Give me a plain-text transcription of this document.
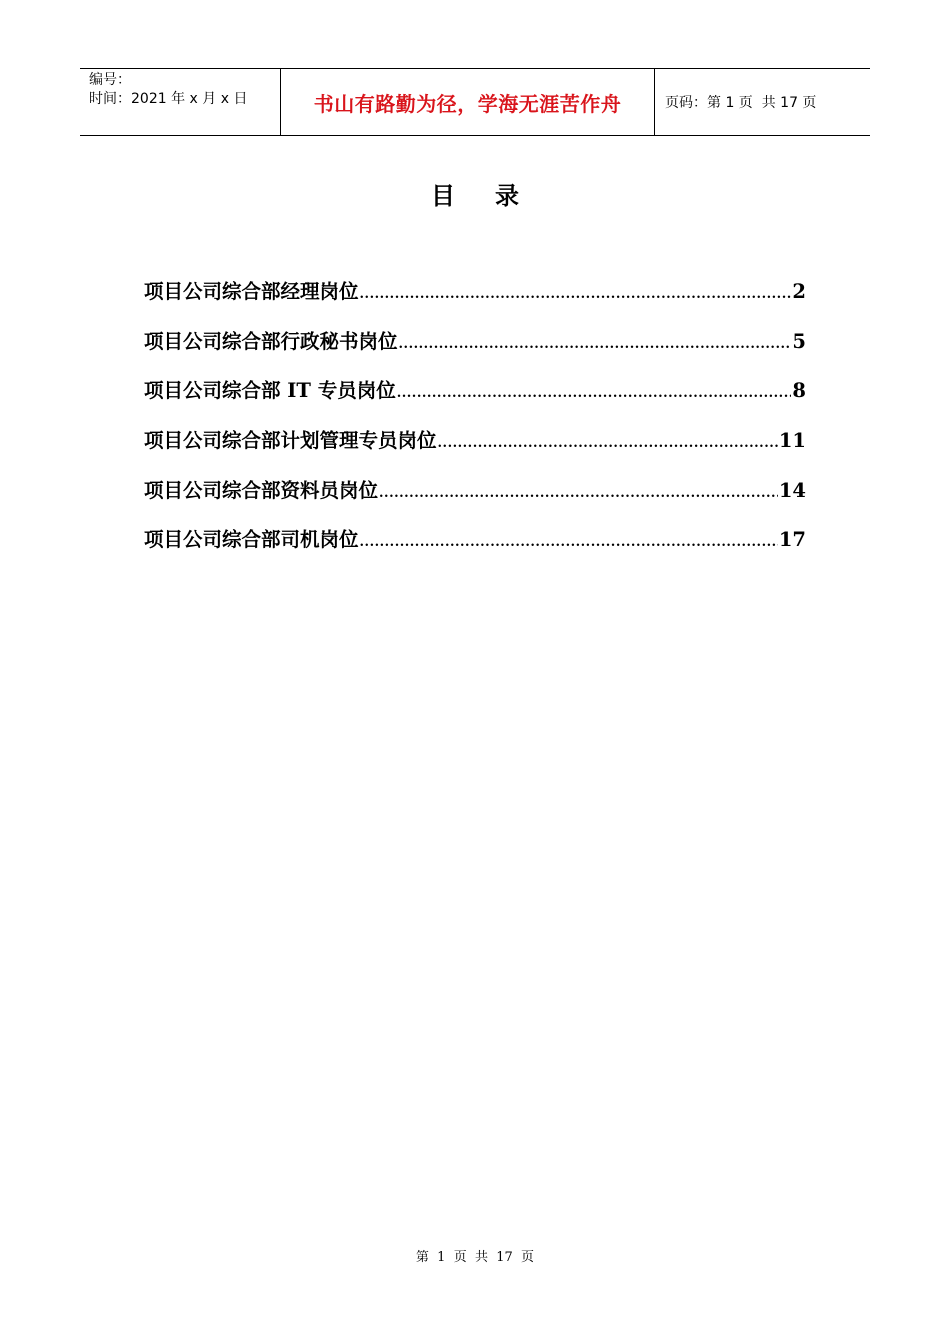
编号：
时间：2021 年 x 月 x 日	书山有路勤为径，学海无涯苦作舟	页码：第 1 页  共 17 页
目录
项目公司综合部经理岗位 .....	2
项目公司综合部行政秘书岗位 .....	5
项目公司综合部 IT 专员岗位 .....	8
项目公司综合部计划管理专员岗位 .....	11
项目公司综合部资料员岗位 .....	14
项目公司综合部司机岗位 .....	17
第  1  页  共  17  页
